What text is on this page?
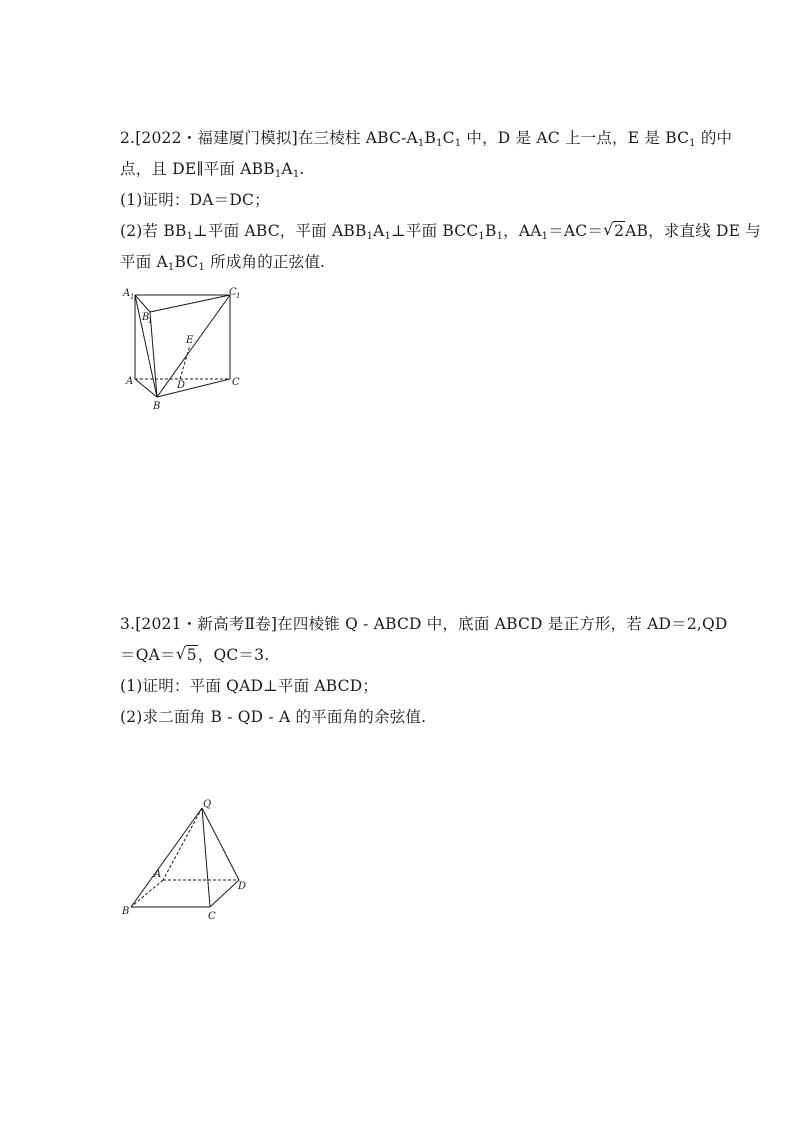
2.[2022・福建厦门模拟]在三棱柱 ABC-$A_1B_1C_1$ 中，D 是 AC 上一点，E 是 $BC_1$ 的中
点，且 DE∥平面 $ABB_1A_1$.
(1)证明：DA＝DC；
(2)若 $BB_1\perp$平面 ABC，平面 $ABB_1A_1\perp$平面 $BCC_1B_1$，$AA_1=AC=$ √ 2AB，求直线 DE 与
平面 $A_1BC_1$ 所成角的正弦值.
A 1
B
1
C 1
E
A	D	C
B
3.[2021・新高考Ⅱ卷]在四棱锥 Q - ABCD 中，底面 ABCD 是正方形，若 AD＝2,QD
＝QA＝ √ 5，QC＝3.
(1)证明：平面 QAD⊥平面 ABCD；
(2)求二面角 B - QD - A 的平面角的余弦值.
Q
A
D
B	C
